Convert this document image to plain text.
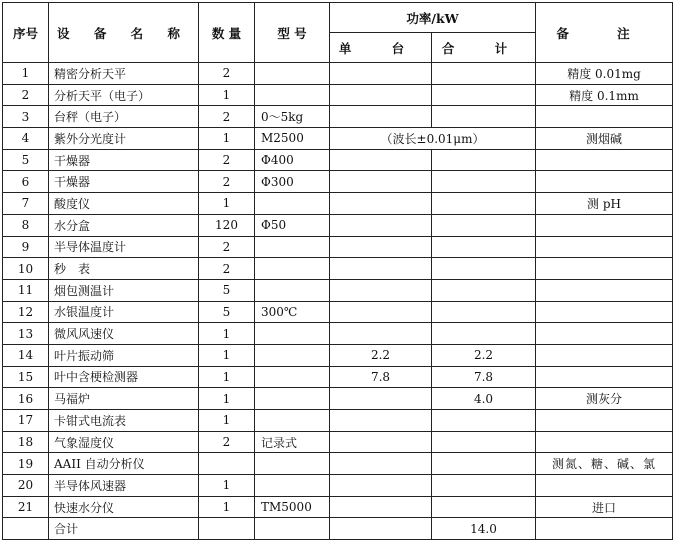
序号	设 备 名 称	数 量	型 号	功率/kW		备 注
				单 台	合 计	
1	精密分析天平	2				精度 0.01mg
2	分析天平（电子）	1				精度 0.1mm
3	台秤（电子）	2	0～5kg			
4	紫外分光度计	1	M2500	（波长±0.01μm）		测烟碱
5	干燥器	2	Φ400			
6	干燥器	2	Φ300			
7	酸度仪	1				测 pH
8	水分盒	120	Φ50			
9	半导体温度计	2				
10	秒　表	2				
11	烟包测温计	5				
12	水银温度计	5	300℃			
13	微风风速仪	1				
14	叶片振动筛	1		2.2	2.2	
15	叶中含梗检测器	1		7.8	7.8	
16	马福炉	1			4.0	测灰分
17	卡钳式电流表	1				
18	气象湿度仪	2	记录式			
19	AAII 自动分析仪					测氮、糖、碱、氯
20	半导体风速器	1				
21	快速水分仪	1	TM5000			进口
	合计				14.0	
